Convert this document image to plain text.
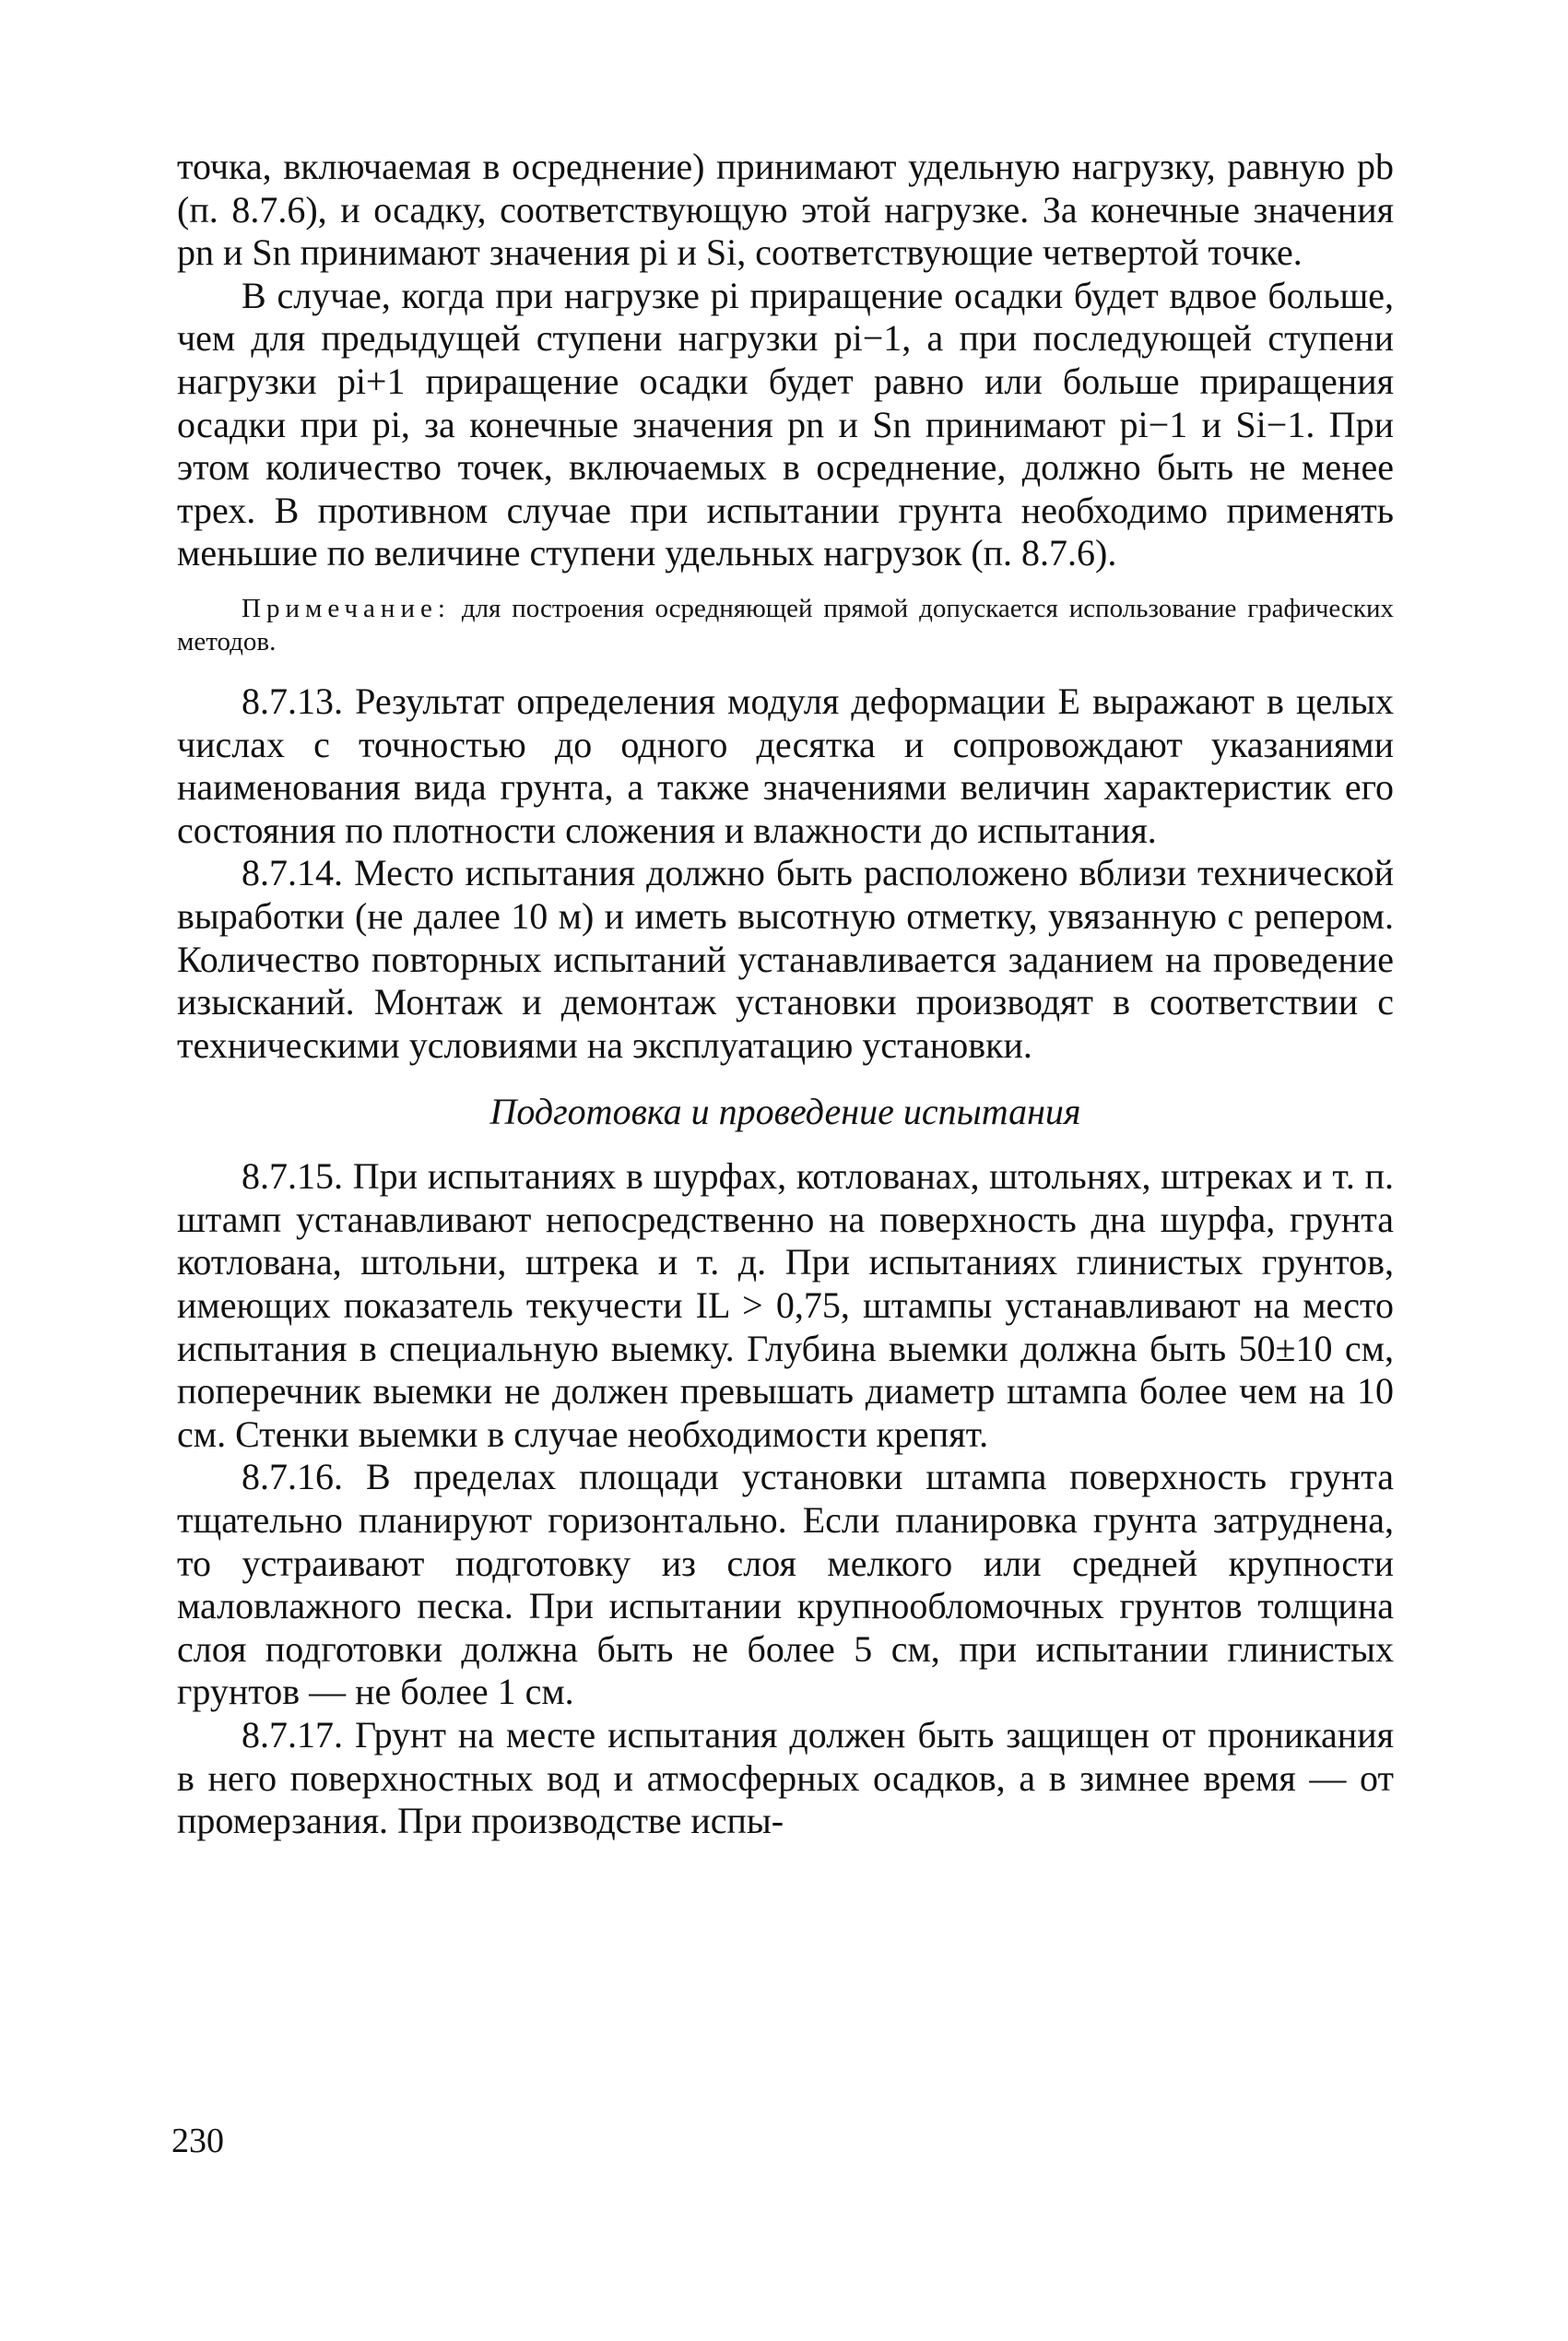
точка, включаемая в осреднение) принимают удельную нагрузку, равную pb (п. 8.7.6), и осадку, соответствующую этой нагрузке. За конечные значения pn и Sn принимают значения pi и Si, соответствующие четвертой точке.

В случае, когда при нагрузке pi приращение осадки будет вдвое больше, чем для предыдущей ступени нагрузки pi−1, а при последующей ступени нагрузки pi+1 приращение осадки будет равно или больше приращения осадки при pi, за конечные значения pn и Sn принимают pi−1 и Si−1. При этом количество точек, включаемых в осреднение, должно быть не менее трех. В противном случае при испытании грунта необходимо применять меньшие по величине ступени удельных нагрузок (п. 8.7.6).

Примечание: для построения осредняющей прямой допускается использование графических методов.

8.7.13. Результат определения модуля деформации E выражают в целых числах с точностью до одного десятка и сопровождают указаниями наименования вида грунта, а также значениями величин характеристик его состояния по плотности сложения и влажности до испытания.

8.7.14. Место испытания должно быть расположено вблизи технической выработки (не далее 10 м) и иметь высотную отметку, увязанную с репером. Количество повторных испытаний устанавливается заданием на проведение изысканий. Монтаж и демонтаж установки производят в соответствии с техническими условиями на эксплуатацию установки.

Подготовка и проведение испытания

8.7.15. При испытаниях в шурфах, котлованах, штольнях, штреках и т. п. штамп устанавливают непосредственно на поверхность дна шурфа, грунта котлована, штольни, штрека и т. д. При испытаниях глинистых грунтов, имеющих показатель текучести IL > 0,75, штампы устанавливают на место испытания в специальную выемку. Глубина выемки должна быть 50±10 см, поперечник выемки не должен превышать диаметр штампа более чем на 10 см. Стенки выемки в случае необходимости крепят.

8.7.16. В пределах площади установки штампа поверхность грунта тщательно планируют горизонтально. Если планировка грунта затруднена, то устраивают подготовку из слоя мелкого или средней крупности маловлажного песка. При испытании крупнообломочных грунтов толщина слоя подготовки должна быть не более 5 см, при испытании глинистых грунтов — не более 1 см.

8.7.17. Грунт на месте испытания должен быть защищен от проникания в него поверхностных вод и атмосферных осадков, а в зимнее время — от промерзания. При производстве испы-

230
